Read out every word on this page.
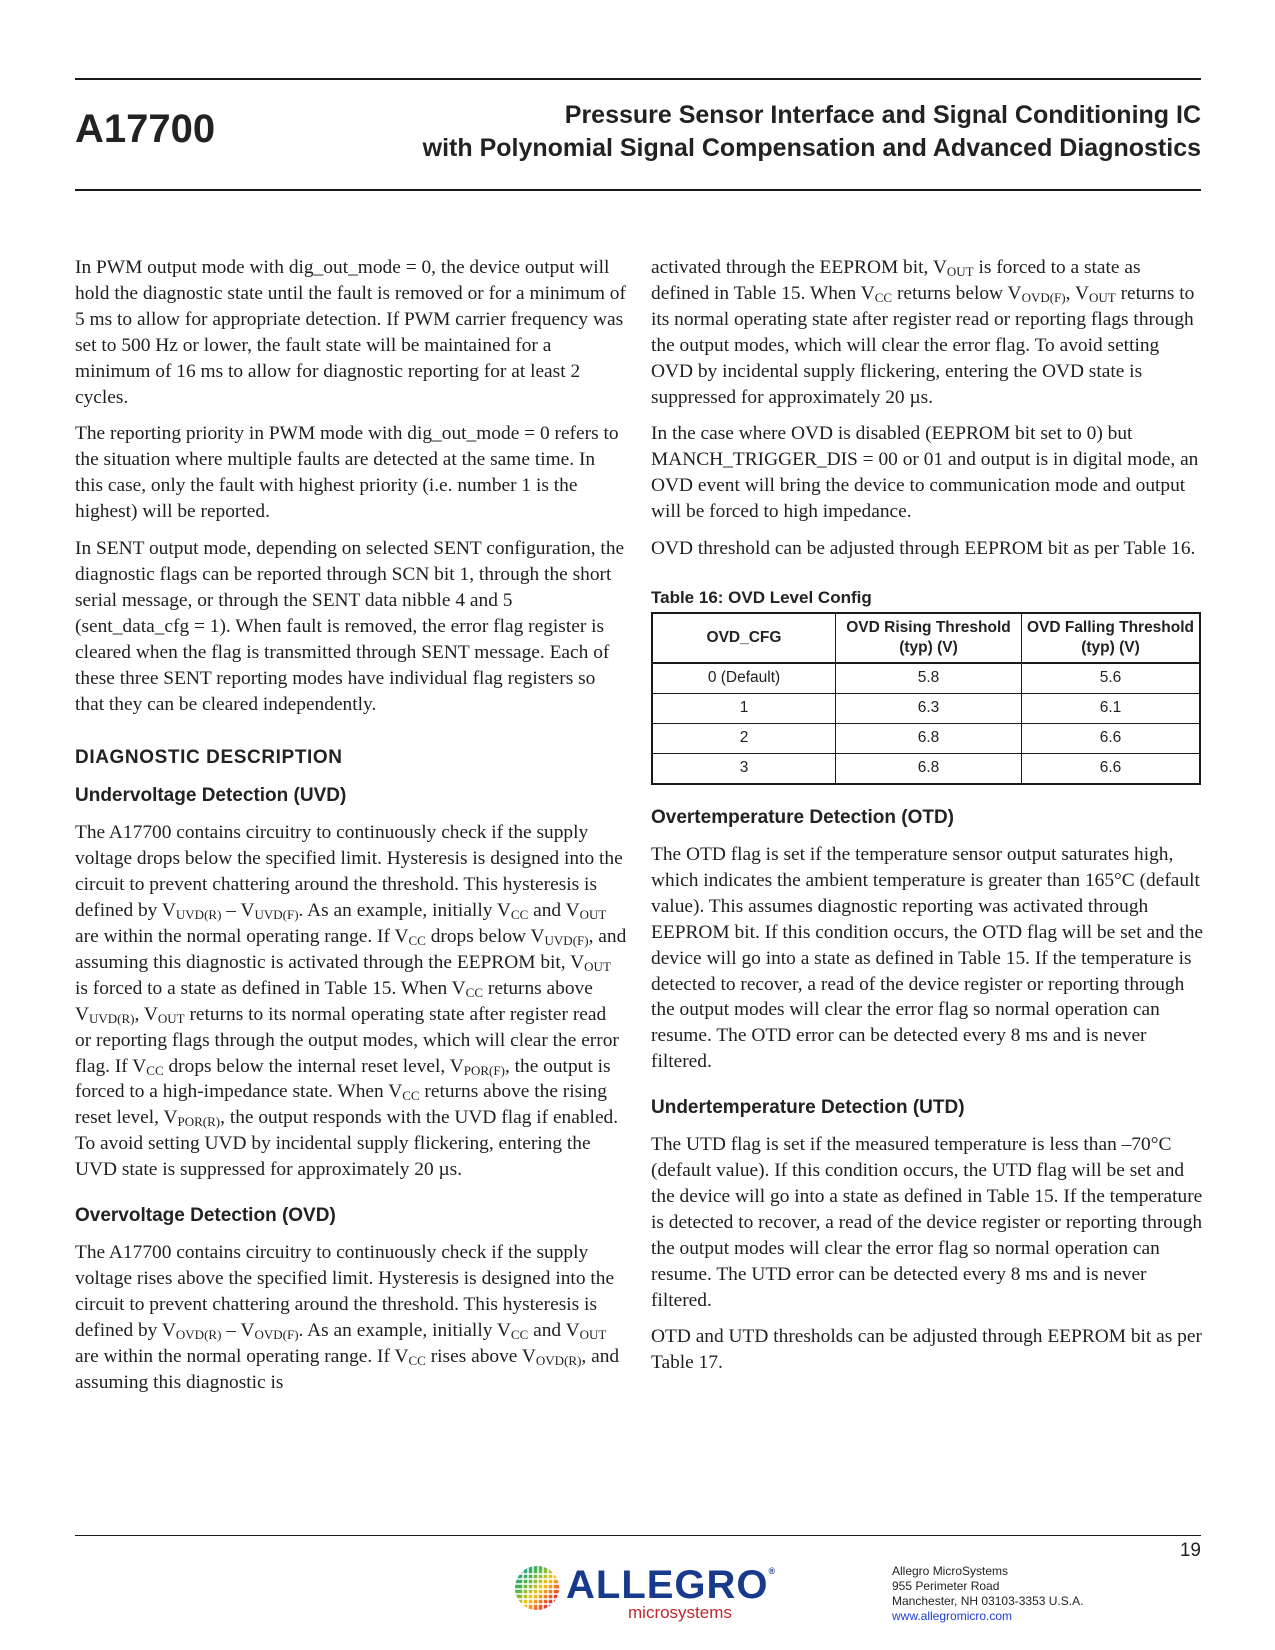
A17700	Pressure Sensor Interface and Signal Conditioning IC
with Polynomial Signal Compensation and Advanced Diagnostics

In PWM output mode with dig_out_mode = 0, the device output will hold the diagnostic state until the fault is removed or for a minimum of 5 ms to allow for appropriate detection. If PWM carrier frequency was set to 500 Hz or lower, the fault state will be maintained for a minimum of 16 ms to allow for diagnostic reporting for at least 2 cycles.

The reporting priority in PWM mode with dig_out_mode = 0 refers to the situation where multiple faults are detected at the same time. In this case, only the fault with highest priority (i.e. number 1 is the highest) will be reported.

In SENT output mode, depending on selected SENT configuration, the diagnostic flags can be reported through SCN bit 1, through the short serial message, or through the SENT data nibble 4 and 5 (sent_data_cfg = 1). When fault is removed, the error flag register is cleared when the flag is transmitted through SENT message. Each of these three SENT reporting modes have individual flag registers so that they can be cleared independently.

DIAGNOSTIC DESCRIPTION
Undervoltage Detection (UVD)

The A17700 contains circuitry to continuously check if the supply voltage drops below the specified limit. Hysteresis is designed into the circuit to prevent chattering around the threshold. This hysteresis is defined by $V_{UVD(R)} - V_{UVD(F)}$. As an example, initially $V_{CC}$ and $V_{OUT}$ are within the normal operating range. If $V_{CC}$ drops below $V_{UVD(F)}$, and assuming this diagnostic is activated through the EEPROM bit, $V_{OUT}$ is forced to a state as defined in Table 15. When $V_{CC}$ returns above $V_{UVD(R)}$, $V_{OUT}$ returns to its normal operating state after register read or reporting flags through the output modes, which will clear the error flag. If $V_{CC}$ drops below the internal reset level, $V_{POR(F)}$, the output is forced to a high-impedance state. When $V_{CC}$ returns above the rising reset level, $V_{POR(R)}$, the output responds with the UVD flag if enabled. To avoid setting UVD by incidental supply flickering, entering the UVD state is suppressed for approximately 20 µs.

Overvoltage Detection (OVD)

The A17700 contains circuitry to continuously check if the supply voltage rises above the specified limit. Hysteresis is designed into the circuit to prevent chattering around the threshold. This hysteresis is defined by $V_{OVD(R)} - V_{OVD(F)}$. As an example, initially $V_{CC}$ and $V_{OUT}$ are within the normal operating range. If $V_{CC}$ rises above $V_{OVD(R)}$, and assuming this diagnostic is

activated through the EEPROM bit, $V_{OUT}$ is forced to a state as defined in Table 15. When $V_{CC}$ returns below $V_{OVD(F)}$, $V_{OUT}$ returns to its normal operating state after register read or reporting flags through the output modes, which will clear the error flag. To avoid setting OVD by incidental supply flickering, entering the OVD state is suppressed for approximately 20 µs.

In the case where OVD is disabled (EEPROM bit set to 0) but MANCH_TRIGGER_DIS = 00 or 01 and output is in digital mode, an OVD event will bring the device to communication mode and output will be forced to high impedance.

OVD threshold can be adjusted through EEPROM bit as per Table 16.

Table 16: OVD Level Config
OVD_CFG	OVD Rising Threshold (typ) (V)	OVD Falling Threshold (typ) (V)
0 (Default)	5.8	5.6
1	6.3	6.1
2	6.8	6.6
3	6.8	6.6
Overtemperature Detection (OTD)

The OTD flag is set if the temperature sensor output saturates high, which indicates the ambient temperature is greater than 165°C (default value). This assumes diagnostic reporting was activated through EEPROM bit. If this condition occurs, the OTD flag will be set and the device will go into a state as defined in Table 15. If the temperature is detected to recover, a read of the device register or reporting through the output modes will clear the error flag so normal operation can resume. The OTD error can be detected every 8 ms and is never filtered.

Undertemperature Detection (UTD)

The UTD flag is set if the measured temperature is less than –70°C (default value). If this condition occurs, the UTD flag will be set and the device will go into a state as defined in Table 15. If the temperature is detected to recover, a read of the device register or reporting through the output modes will clear the error flag so normal operation can resume. The UTD error can be detected every 8 ms and is never filtered.

OTD and UTD thresholds can be adjusted through EEPROM bit as per Table 17.

19
ALLEGRO®
microsystems
Allegro MicroSystems
955 Perimeter Road
Manchester, NH 03103-3353 U.S.A.
www.allegromicro.com
